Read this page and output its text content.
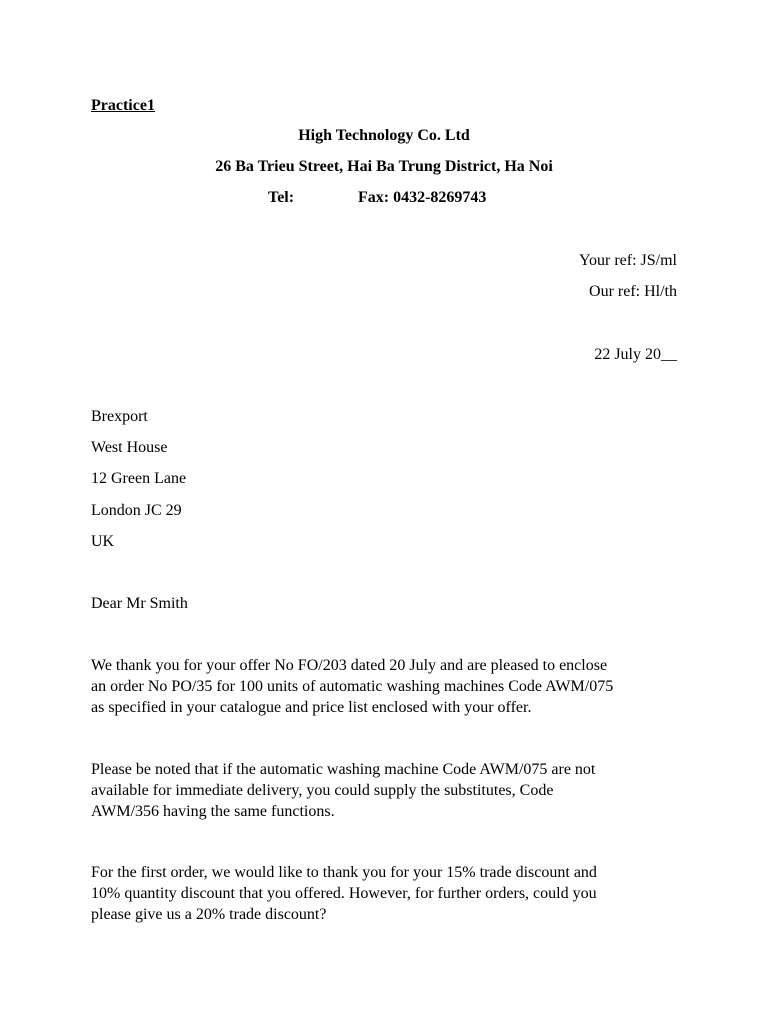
Practice1
High Technology Co. Ltd
26 Ba Trieu Street, Hai Ba Trung District, Ha Noi
Tel:	Fax: 0432-8269743
Your ref: JS/ml
Our ref: Hl/th
22 July 20__
Brexport
West House
12 Green Lane
London JC 29
UK
Dear Mr Smith
We thank you for your offer No FO/203 dated 20 July and are pleased to enclose
an order No PO/35 for 100 units of automatic washing machines Code AWM/075
as specified in your catalogue and price list enclosed with your offer.
Please be noted that if the automatic washing machine Code AWM/075 are not
available for immediate delivery, you could supply the substitutes, Code
AWM/356 having the same functions.
For the first order, we would like to thank you for your 15% trade discount and
10% quantity discount that you offered. However, for further orders, could you
please give us a 20% trade discount?
